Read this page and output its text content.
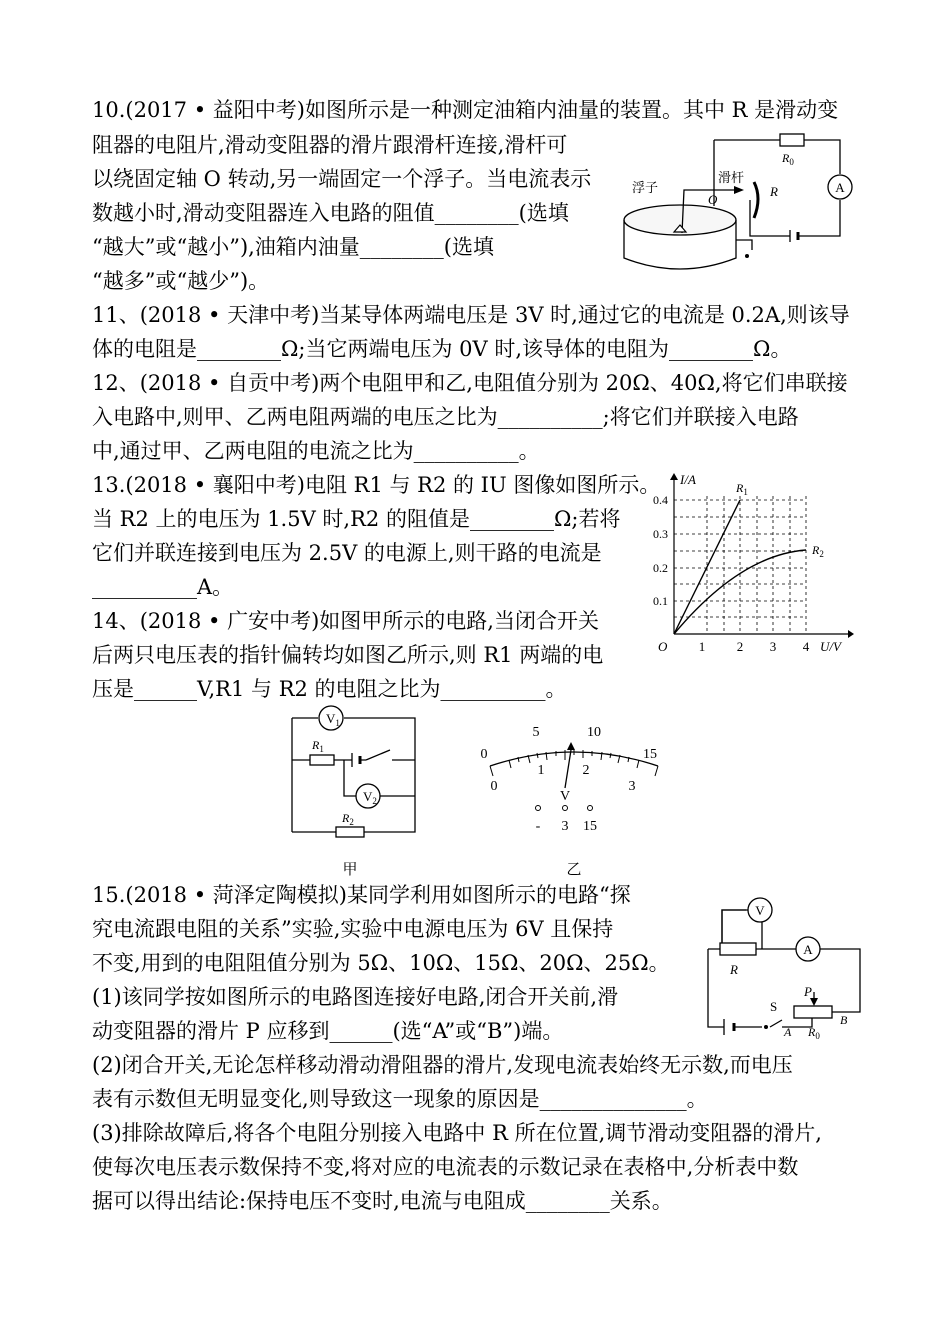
10.(2017 • 益阳中考)如图所示是一种测定油箱内油量的装置。其中 R 是滑动变
阻器的电阻片,滑动变阻器的滑片跟滑杆连接,滑杆可
以绕固定轴 O 转动,另一端固定一个浮子。当电流表示
数越小时,滑动变阻器连入电路的阻值________(选填
“越大”或“越小”),油箱内油量________(选填
“越多”或“越少”)。
A
浮子
滑杆
O
R
$R_0$
11、(2018 • 天津中考)当某导体两端电压是 3V 时,通过它的电流是 0.2A,则该导
体的电阻是________Ω;当它两端电压为 0V 时,该导体的电阻为________Ω。
12、(2018 • 自贡中考)两个电阻甲和乙,电阻值分别为 20Ω、40Ω,将它们串联接
入电路中,则甲、乙两电阻两端的电压之比为__________;将它们并联接入电路
中,通过甲、乙两电阻的电流之比为__________。
13.(2018 • 襄阳中考)电阻 R1 与 R2 的 IU 图像如图所示。
当 R2 上的电压为 1.5V 时,R2 的阻值是________Ω;若将
它们并联连接到电压为 2.5V 的电源上,则干路的电流是
__________A。
1 2 3 4
0.1
0.2
0.3
0.4
O	U/V
I/A
$R_1$
$R_2$
14、(2018 • 广安中考)如图甲所示的电路,当闭合开关
后两只电压表的指针偏转均如图乙所示,则 R1 两端的电
压是______V,R1 与 R2 的电阻之比为__________。
$V_1$
$R_1$
$V_2$
$R_2$
甲
0
5	10
15
0
1	2
3
V
- 3 15
乙
15.(2018 • 菏泽定陶模拟)某同学利用如图所示的电路“探
究电流跟电阻的关系”实验,实验中电源电压为 6V 且保持
不变,用到的电阻阻值分别为 5Ω、10Ω、15Ω、20Ω、25Ω。
(1)该同学按如图所示的电路图连接好电路,闭合开关前,滑
动变阻器的滑片 P 应移到______(选“A”或“B”)端。
(2)闭合开关,无论怎样移动滑动滑阻器的滑片,发现电流表始终无示数,而电压
表有示数但无明显变化,则导致这一现象的原因是______________。
(3)排除故障后,将各个电阻分别接入电路中 R 所在位置,调节滑动变阻器的滑片,
使每次电压表示数保持不变,将对应的电流表的示数记录在表格中,分析表中数
据可以得出结论:保持电压不变时,电流与电阻成________关系。
V
R
A
S
P
A
B
$R_0$
